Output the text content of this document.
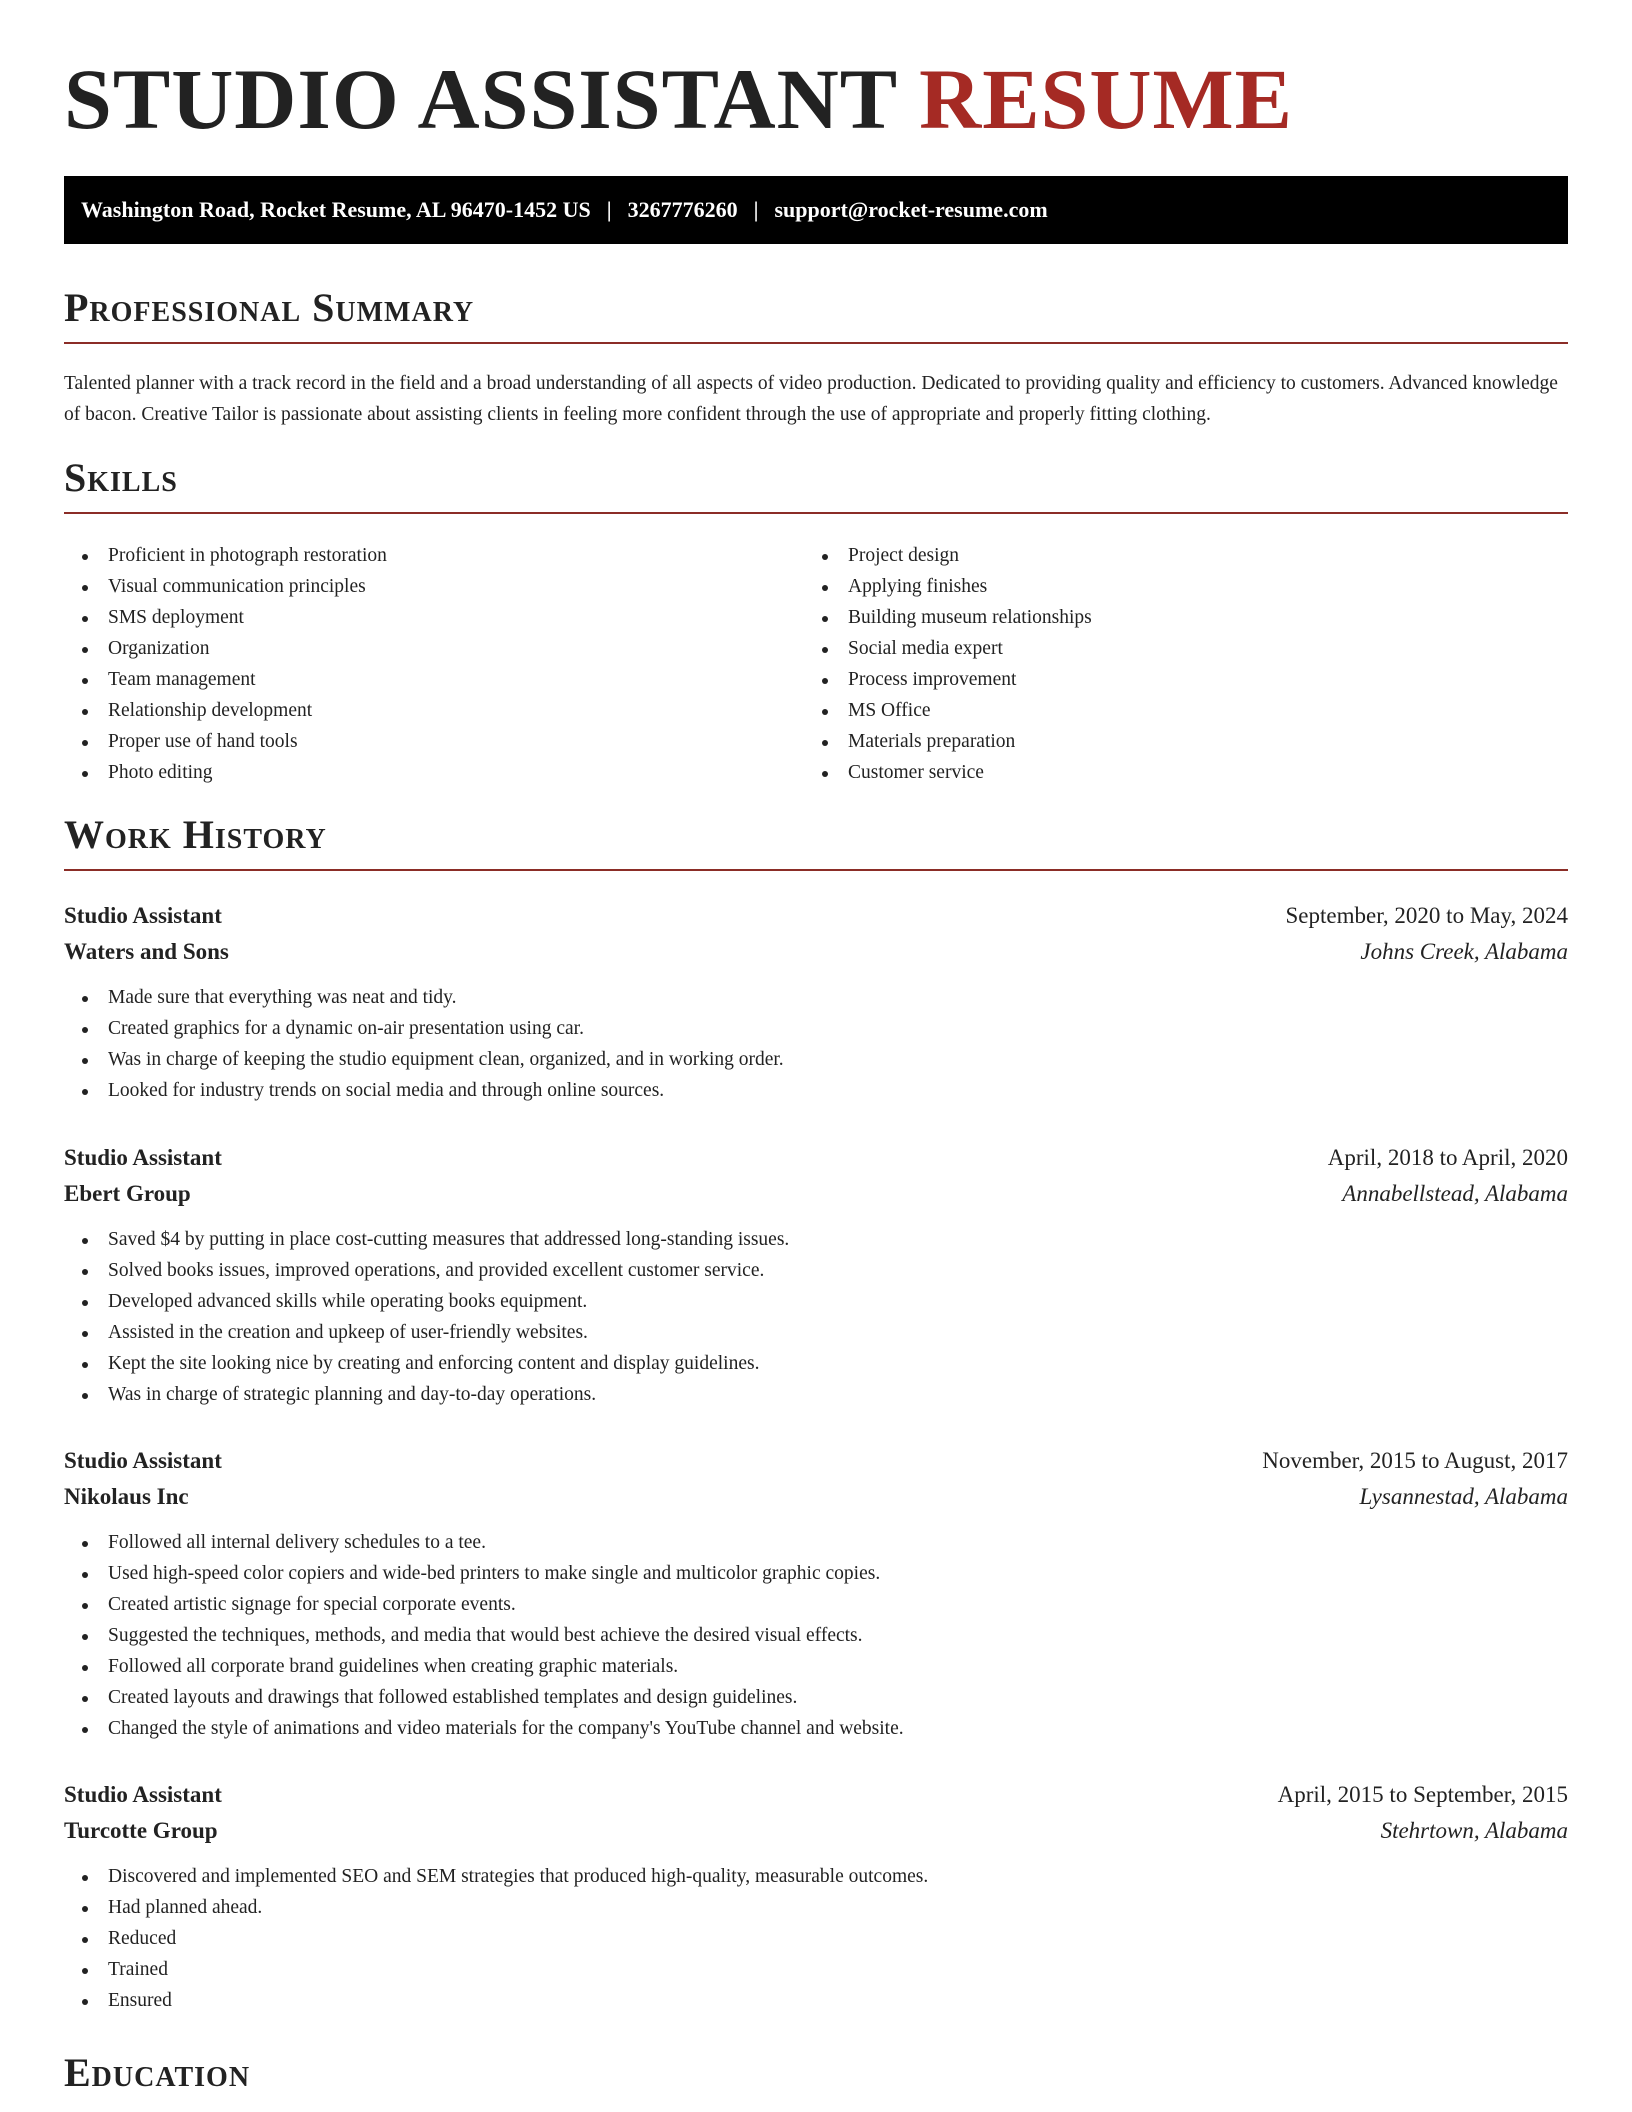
STUDIO ASSISTANT RESUME
Washington Road, Rocket Resume, AL 96470-1452 US | 3267776260 | support@rocket-resume.com
Professional Summary
Talented planner with a track record in the field and a broad understanding of all aspects of video production. Dedicated to providing quality and efficiency to customers. Advanced knowledge of bacon. Creative Tailor is passionate about assisting clients in feeling more confident through the use of appropriate and properly fitting clothing.
Skills
Proficient in photograph restoration
Visual communication principles
SMS deployment
Organization
Team management
Relationship development
Proper use of hand tools
Photo editing
Project design
Applying finishes
Building museum relationships
Social media expert
Process improvement
MS Office
Materials preparation
Customer service
Work History
Studio Assistant	September, 2020 to May, 2024
Waters and Sons	Johns Creek, Alabama
Made sure that everything was neat and tidy.
Created graphics for a dynamic on-air presentation using car.
Was in charge of keeping the studio equipment clean, organized, and in working order.
Looked for industry trends on social media and through online sources.
Studio Assistant	April, 2018 to April, 2020
Ebert Group	Annabellstead, Alabama
Saved $4 by putting in place cost-cutting measures that addressed long-standing issues.
Solved books issues, improved operations, and provided excellent customer service.
Developed advanced skills while operating books equipment.
Assisted in the creation and upkeep of user-friendly websites.
Kept the site looking nice by creating and enforcing content and display guidelines.
Was in charge of strategic planning and day-to-day operations.
Studio Assistant	November, 2015 to August, 2017
Nikolaus Inc	Lysannestad, Alabama
Followed all internal delivery schedules to a tee.
Used high-speed color copiers and wide-bed printers to make single and multicolor graphic copies.
Created artistic signage for special corporate events.
Suggested the techniques, methods, and media that would best achieve the desired visual effects.
Followed all corporate brand guidelines when creating graphic materials.
Created layouts and drawings that followed established templates and design guidelines.
Changed the style of animations and video materials for the company's YouTube channel and website.
Studio Assistant	April, 2015 to September, 2015
Turcotte Group	Stehrtown, Alabama
Discovered and implemented SEO and SEM strategies that produced high-quality, measurable outcomes.
Had planned ahead.
Reduced
Trained
Ensured
Education
